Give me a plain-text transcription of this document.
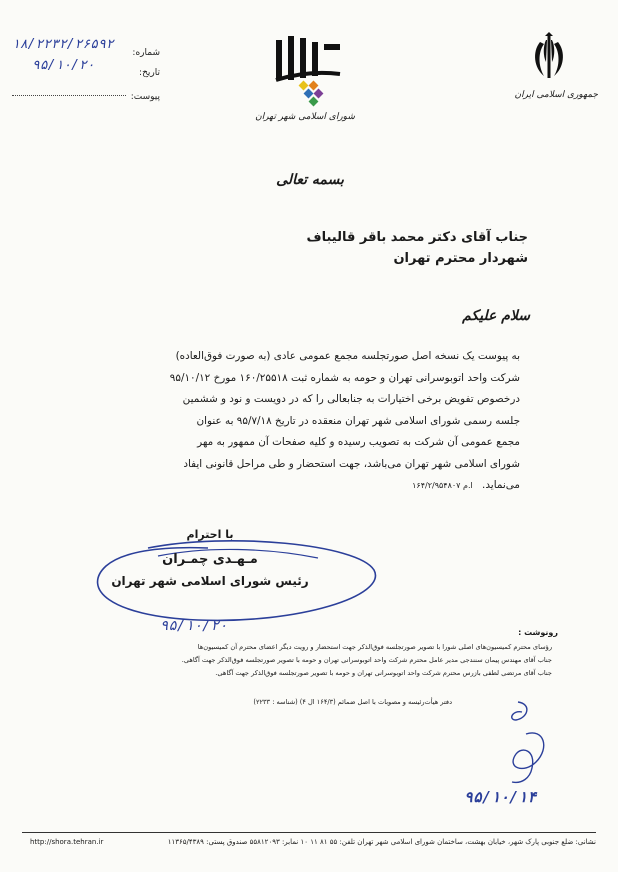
جمهوری اسلامی ایران
شورای اسلامی شهر تهران
شماره:
۱۸/۲۲۳۲/۲۶۵۹۲
تاریخ:
۹۵/۱۰/۲۰
پیوست:
بسمه تعالی
جناب آقای دکتر محمد باقر قالیباف
شهردار محترم تهران
سلام علیکم

به پیوست یک نسخه اصل صورتجلسه مجمع عمومی عادی (به صورت فوق‌العاده)

شرکت واحد اتوبوسرانی تهران و حومه به شماره ثبت ۱۶۰/۲۵۵۱۸ مورخ ۹۵/۱۰/۱۲

درخصوص تفویض برخی اختیارات به جنابعالی را که در دویست و نود و ششمین

جلسه رسمی شورای اسلامی شهر تهران منعقده در تاریخ ۹۵/۷/۱۸ به عنوان

مجمع عمومی آن شرکت به تصویب رسیده و کلیه صفحات آن ممهور به مهر

شورای اسلامی شهر تهران می‌باشد، جهت استحضار و طی مراحل قانونی ایفاد

می‌نماید. ا.م ۱۶۴/۲/۹۵۴۸۰۷

با احترام
مـهـدی چمـران
رئیس شورای اسلامی شهر تهران
۹۵/۱۰/۲۰	رونوشت :
رؤسای محترم کمیسیون‌های اصلی شورا با تصویر صورتجلسه فوق‌الذکر جهت استحضار و رویت دیگر اعضای محترم آن کمیسیون‌ها
جناب آقای مهندس پیمان سنندجی مدیر عامل محترم شرکت واحد اتوبوسرانی تهران و حومه با تصویر صورتجلسه فوق‌الذکر جهت آگاهی.
جناب آقای مرتضی لطفی بازرس محترم شرکت واحد اتوبوسرانی تهران و حومه با تصویر صورتجلسه فوق‌الذکر جهت آگاهی.
دفتر هیأت‌رئیسه و مصوبات با اصل ضمائم (۱۶۴/۳ ال ۴) (شناسه : ۲۲۳۳)
۹۵/۱۰/۱۴
نشانی: ضلع جنوبی پارک شهر، خیابان بهشت، ساختمان شورای اسلامی شهر تهران تلفن: ۵۵ ۸۱ ۱۱ ۱۰ نمابر: ۵۵۸۱۲۰۹۳ صندوق پستی: ۱۱۳۶۵/۴۳۸۹
http://shora.tehran.ir
